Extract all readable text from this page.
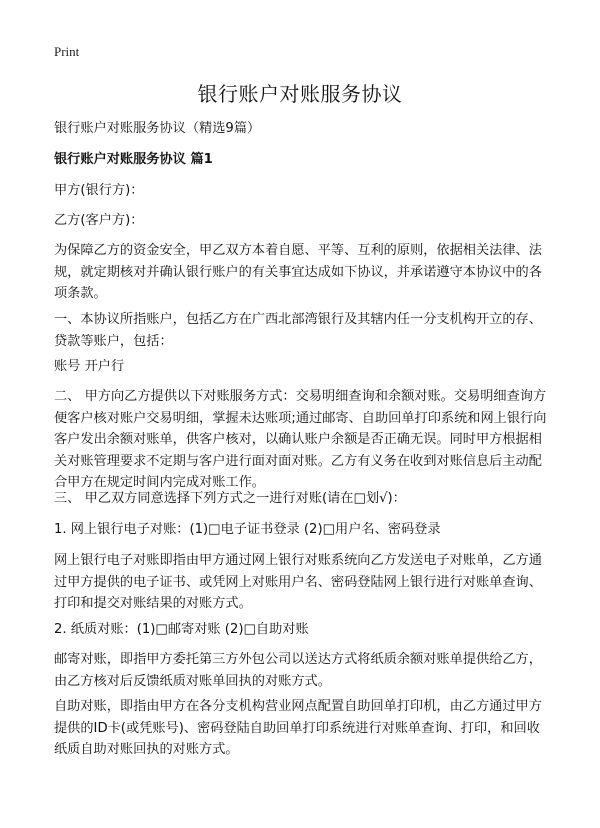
Print
银行账户对账服务协议

银行账户对账服务协议（精选9篇）

银行账户对账服务协议 篇1

甲方(银行方)：

乙方(客户方)：

为保障乙方的资金安全，甲乙双方本着自愿、平等、互利的原则，依据相关法律、法规，就定期核对并确认银行账户的有关事宜达成如下协议，并承诺遵守本协议中的各项条款。

一、本协议所指账户，包括乙方在广西北部湾银行及其辖内任一分支机构开立的存、贷款等账户，包括：

账号 开户行

二、 甲方向乙方提供以下对账服务方式：交易明细查询和余额对账。交易明细查询方便客户核对账户交易明细，掌握未达账项;通过邮寄、自助回单打印系统和网上银行向客户发出余额对账单，供客户核对，以确认账户余额是否正确无误。同时甲方根据相关对账管理要求不定期与客户进行面对面对账。乙方有义务在收到对账信息后主动配合甲方在规定时间内完成对账工作。

三、 甲乙双方同意选择下列方式之一进行对账(请在□划√)：

1. 网上银行电子对账：(1)□电子证书登录 (2)□用户名、密码登录

网上银行电子对账即指由甲方通过网上银行对账系统向乙方发送电子对账单，乙方通过甲方提供的电子证书、或凭网上对账用户名、密码登陆网上银行进行对账单查询、打印和提交对账结果的对账方式。

2. 纸质对账：(1)□邮寄对账 (2)□自助对账

邮寄对账，即指甲方委托第三方外包公司以送达方式将纸质余额对账单提供给乙方，由乙方核对后反馈纸质对账单回执的对账方式。

自助对账，即指由甲方在各分支机构营业网点配置自助回单打印机，由乙方通过甲方提供的ID卡(或凭账号)、密码登陆自助回单打印系统进行对账单查询、打印，和回收纸质自助对账回执的对账方式。
